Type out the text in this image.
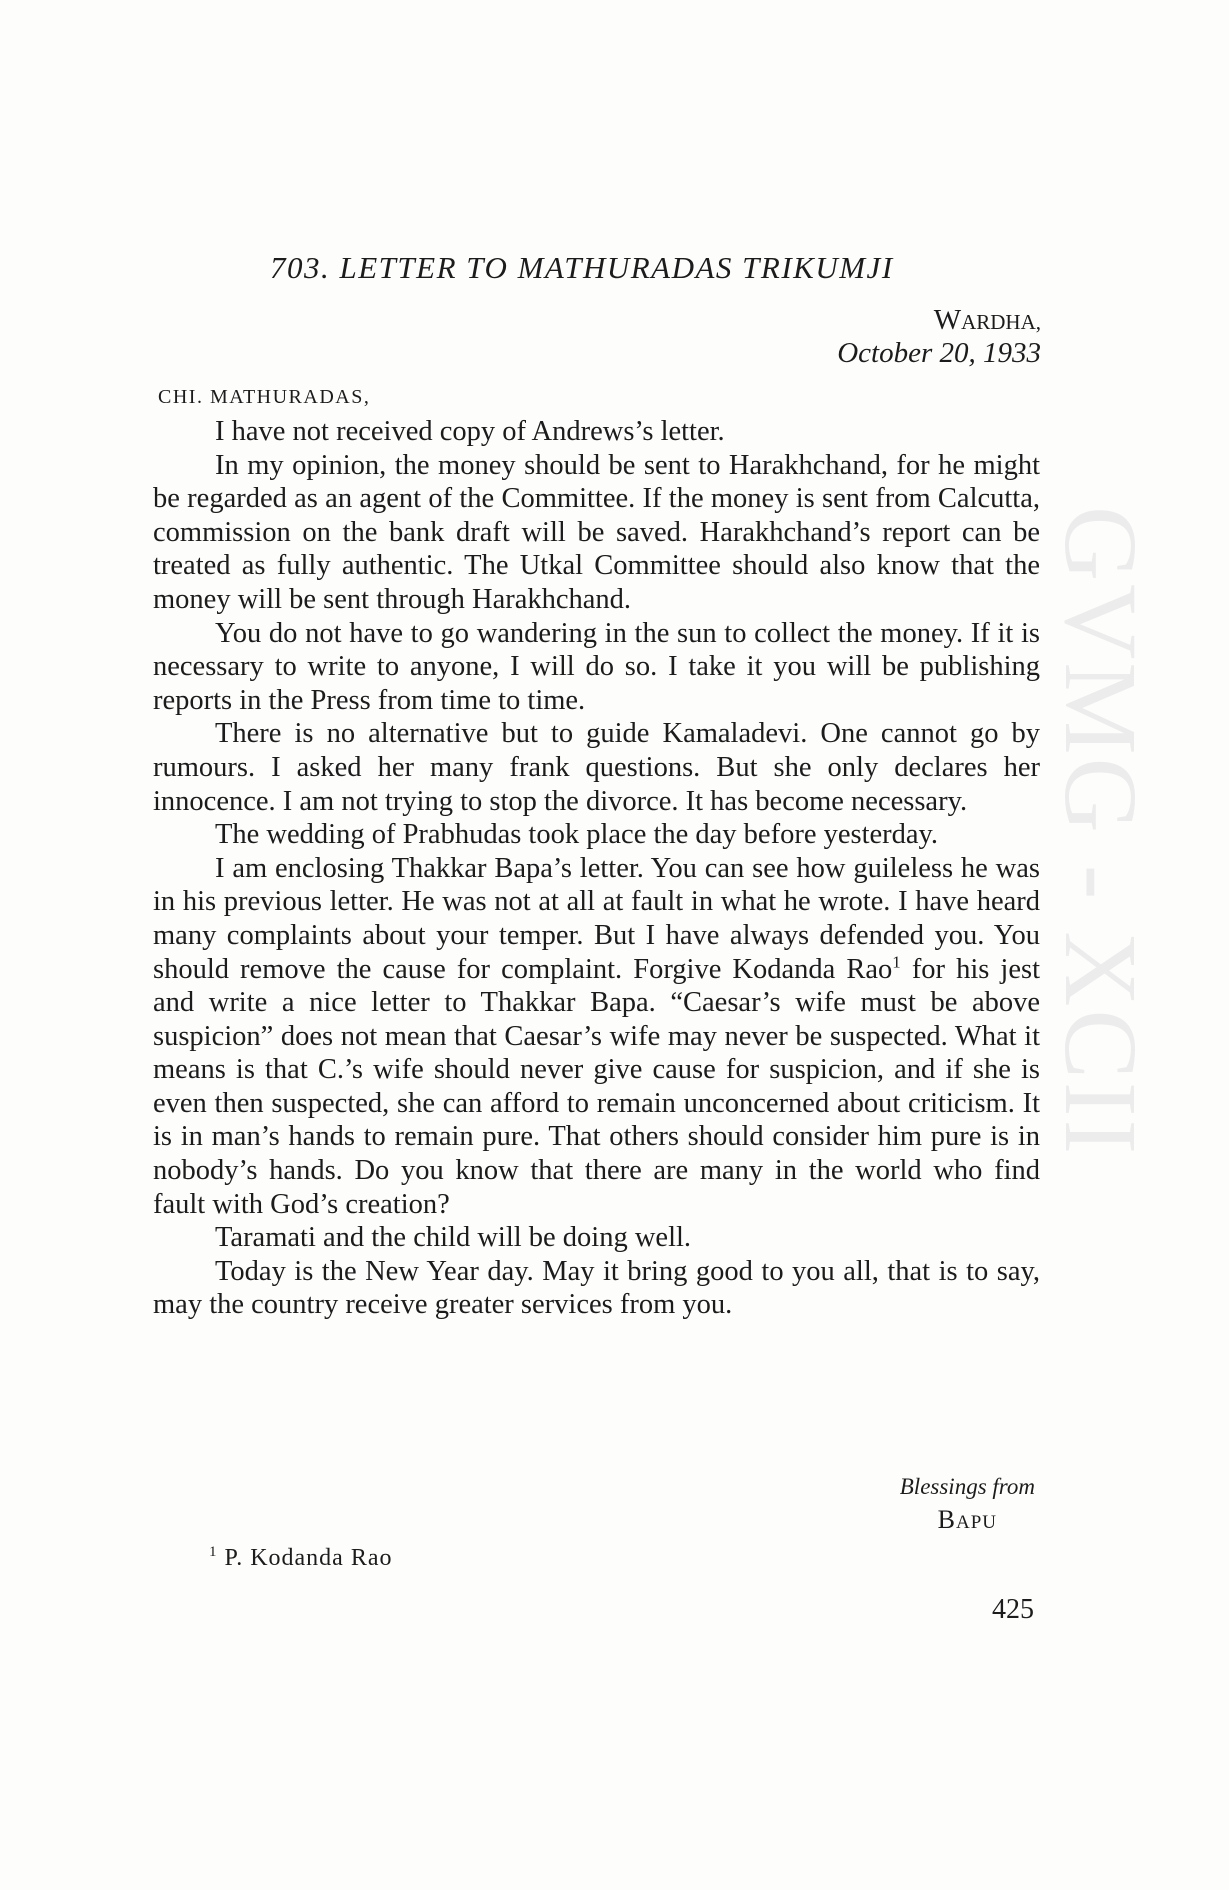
GVMG - XCII
703. LETTER TO MATHURADAS TRIKUMJI
WARDHA,
October 20, 1933
CHI. MATHURADAS,

I have not received copy of Andrews’s letter.

In my opinion, the money should be sent to Harakhchand, for he might be regarded as an agent of the Committee. If the money is sent from Calcutta, commission on the bank draft will be saved. Harakhchand’s report can be treated as fully authentic. The Utkal Committee should also know that the money will be sent through Harakhchand.

You do not have to go wandering in the sun to collect the money. If it is necessary to write to anyone, I will do so. I take it you will be publishing reports in the Press from time to time.

There is no alternative but to guide Kamaladevi. One cannot go by rumours. I asked her many frank questions. But she only declares her innocence. I am not trying to stop the divorce. It has become necessary.

The wedding of Prabhudas took place the day before yesterday.

I am enclosing Thakkar Bapa’s letter. You can see how guileless he was in his previous letter. He was not at all at fault in what he wrote. I have heard many complaints about your temper. But I have always defended you. You should remove the cause for complaint. Forgive Kodanda Rao$^1$ for his jest and write a nice letter to Thakkar Bapa. “Caesar’s wife must be above suspicion” does not mean that Caesar’s wife may never be suspected. What it means is that C.’s wife should never give cause for suspicion, and if she is even then suspected, she can afford to remain unconcerned about criticism. It is in man’s hands to remain pure. That others should consider him pure is in nobody’s hands. Do you know that there are many in the world who find fault with God’s creation?

Taramati and the child will be doing well.

Today is the New Year day. May it bring good to you all, that is to say, may the country receive greater services from you.

Blessings from
BAPU
$^1$ P. Kodanda Rao
425
